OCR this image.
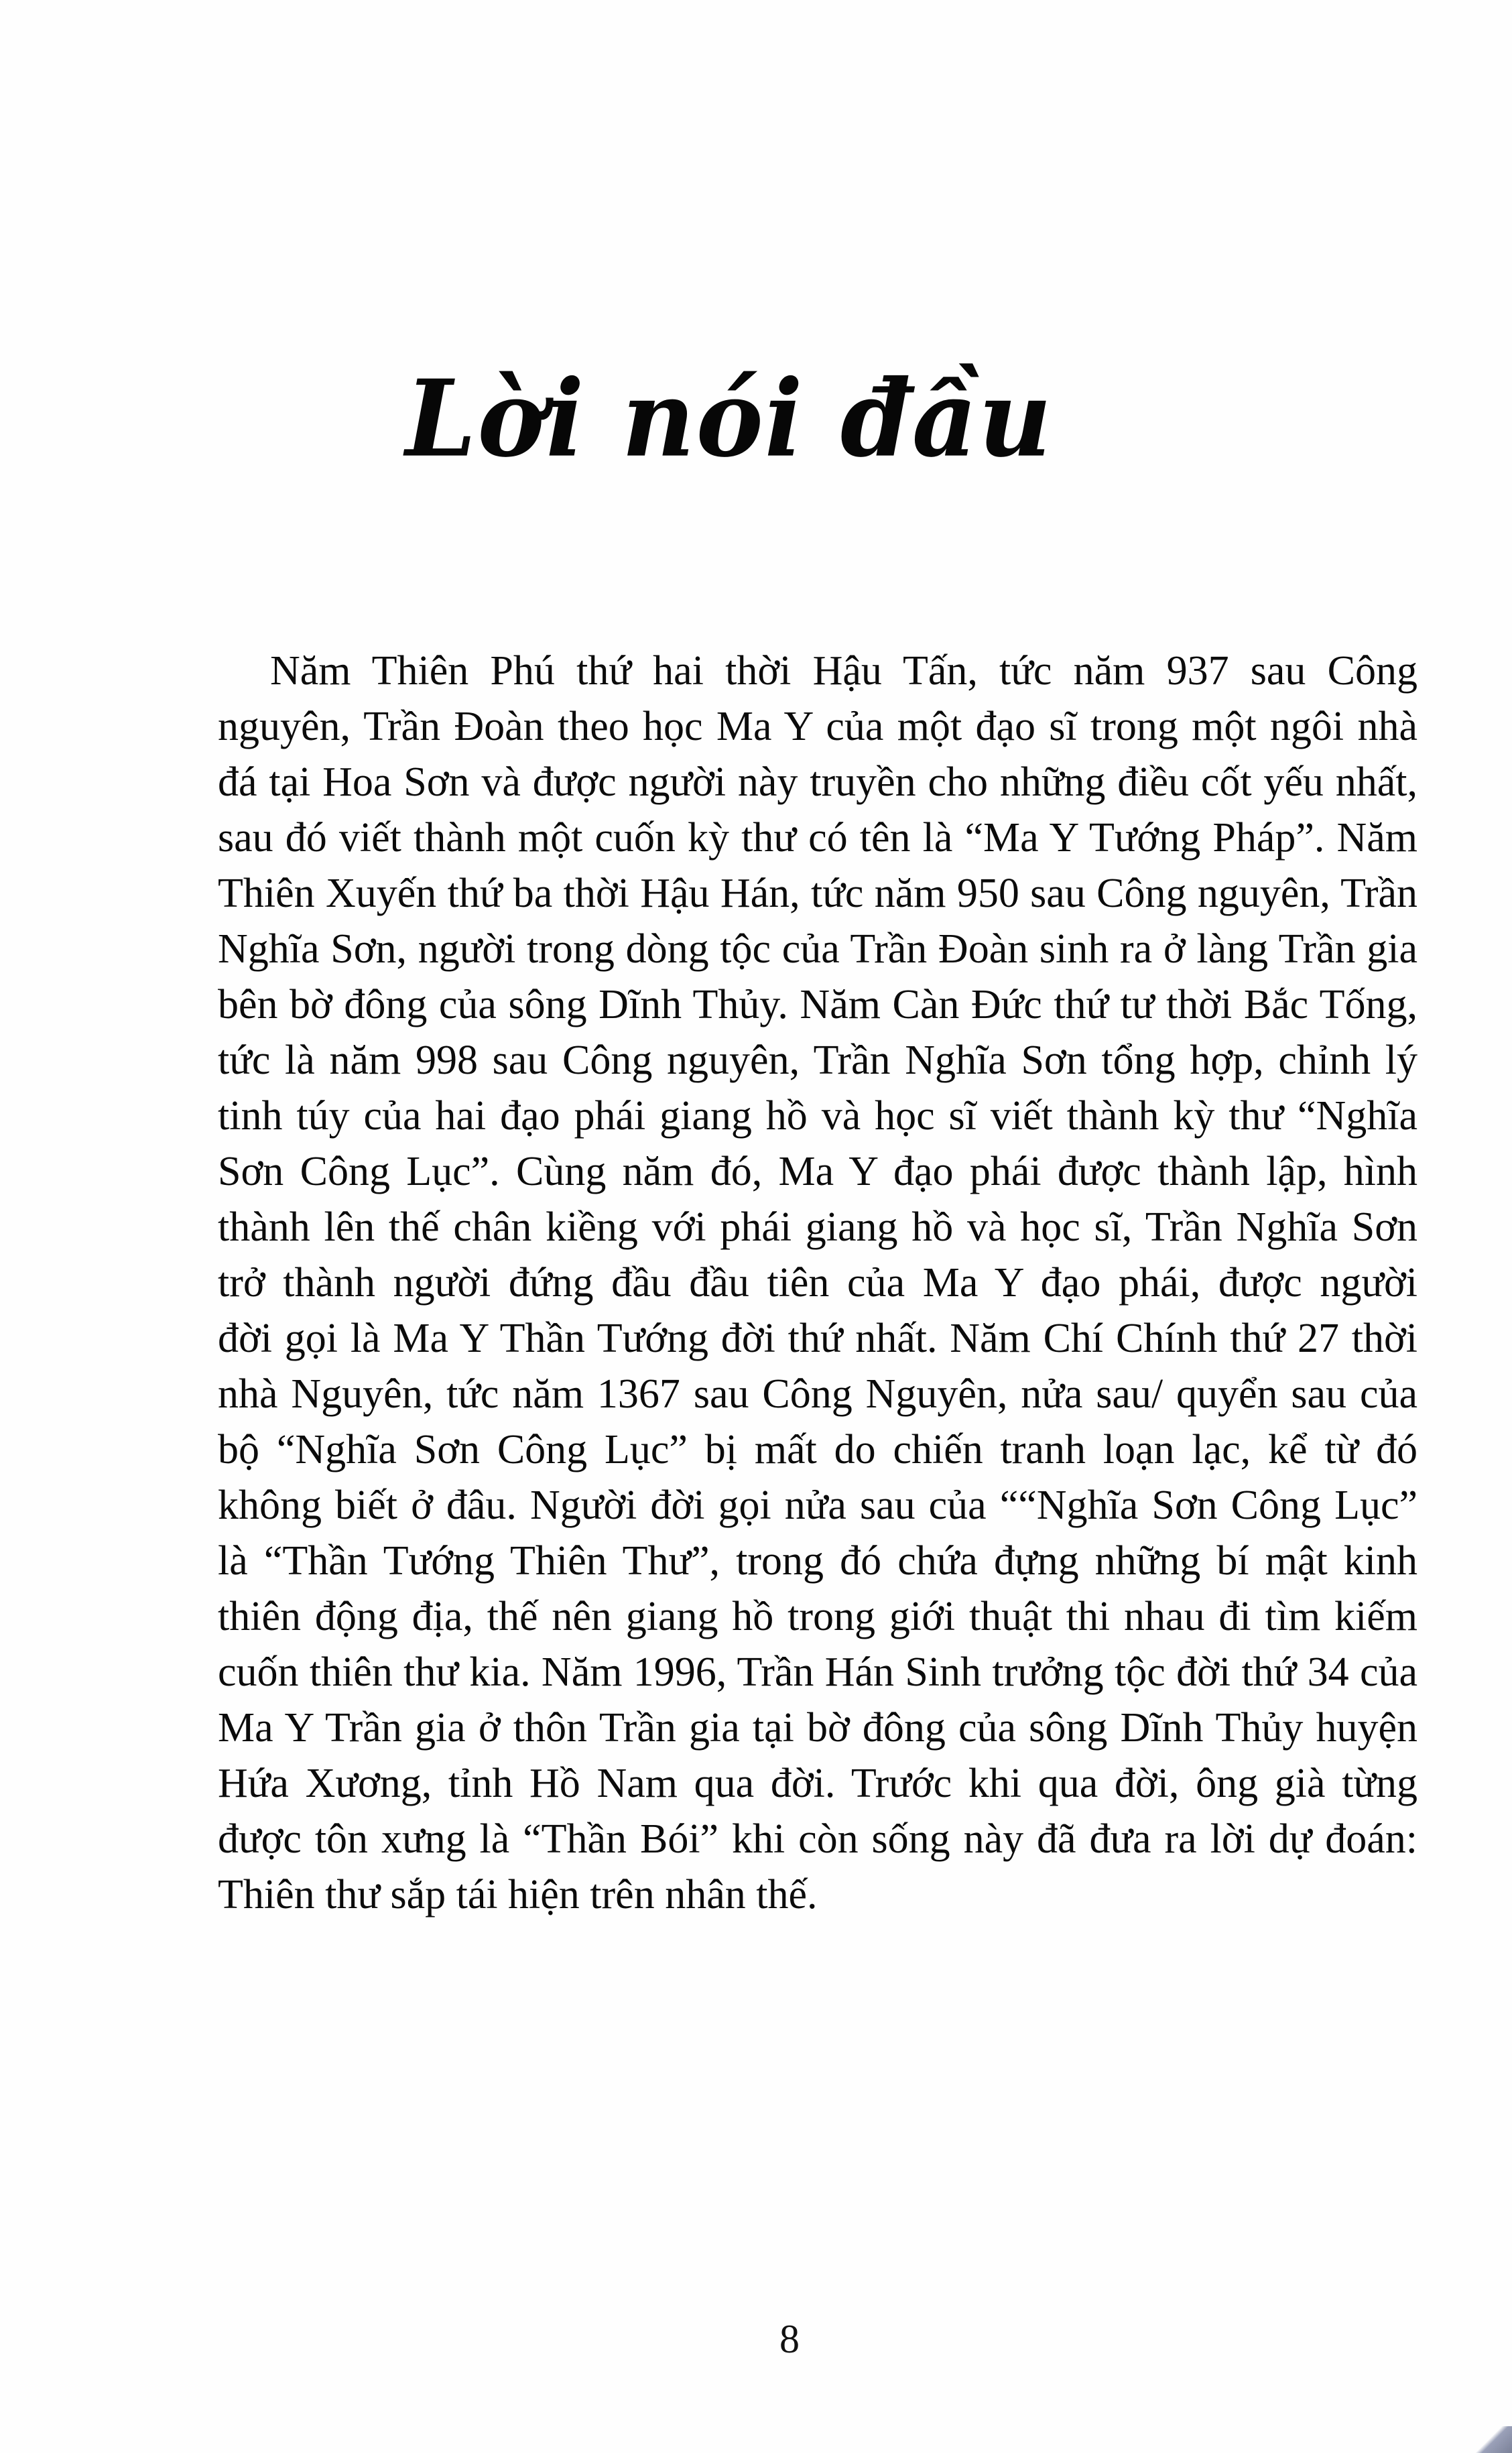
Lời nói đầu
Năm Thiên Phú thứ hai thời Hậu Tấn, tức năm 937 sau Công
nguyên, Trần Đoàn theo học Ma Y của một đạo sĩ trong một ngôi nhà
đá tại Hoa Sơn và được người này truyền cho những điều cốt yếu nhất,
sau đó viết thành một cuốn kỳ thư có tên là “Ma Y Tướng Pháp”. Năm
Thiên Xuyến thứ ba thời Hậu Hán, tức năm 950 sau Công nguyên, Trần
Nghĩa Sơn, người trong dòng tộc của Trần Đoàn sinh ra ở làng Trần gia
bên bờ đông của sông Dĩnh Thủy. Năm Càn Đức thứ tư thời Bắc Tống,
tức là năm 998 sau Công nguyên, Trần Nghĩa Sơn tổng hợp, chỉnh lý
tinh túy của hai đạo phái giang hồ và học sĩ viết thành kỳ thư “Nghĩa
Sơn Công Lục”. Cùng năm đó, Ma Y đạo phái được thành lập, hình
thành lên thế chân kiềng với phái giang hồ và học sĩ, Trần Nghĩa Sơn
trở thành người đứng đầu đầu tiên của Ma Y đạo phái, được người
đời gọi là Ma Y Thần Tướng đời thứ nhất. Năm Chí Chính thứ 27 thời
nhà Nguyên, tức năm 1367 sau Công Nguyên, nửa sau/ quyển sau của
bộ “Nghĩa Sơn Công Lục” bị mất do chiến tranh loạn lạc, kể từ đó
không biết ở đâu. Người đời gọi nửa sau của ““Nghĩa Sơn Công Lục”
là “Thần Tướng Thiên Thư”, trong đó chứa đựng những bí mật kinh
thiên động địa, thế nên giang hồ trong giới thuật thi nhau đi tìm kiếm
cuốn thiên thư kia. Năm 1996, Trần Hán Sinh trưởng tộc đời thứ 34 của
Ma Y Trần gia ở thôn Trần gia tại bờ đông của sông Dĩnh Thủy huyện
Hứa Xương, tỉnh Hồ Nam qua đời. Trước khi qua đời, ông già từng
được tôn xưng là “Thần Bói” khi còn sống này đã đưa ra lời dự đoán:
Thiên thư sắp tái hiện trên nhân thế.
8
